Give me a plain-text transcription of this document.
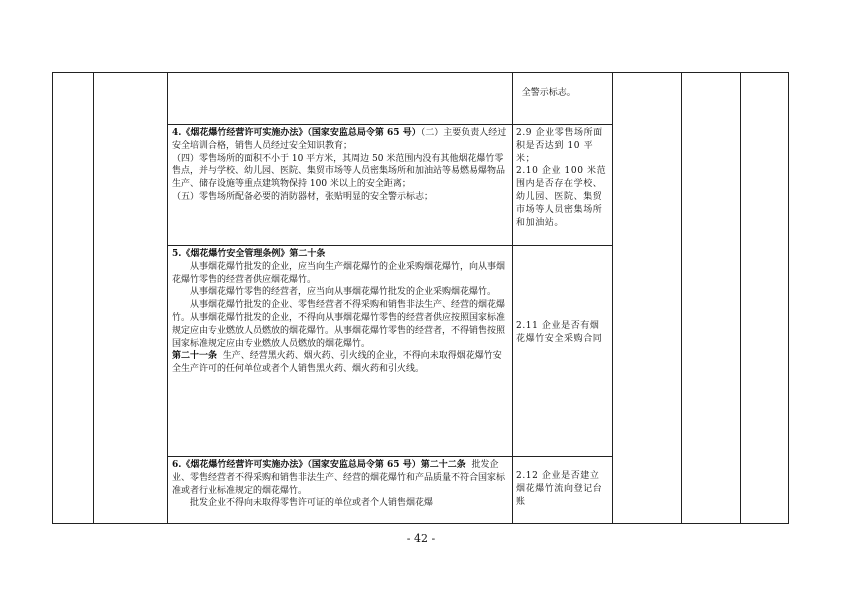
全警示标志。

4.《烟花爆竹经营许可实施办法》（国家安监总局令第 65 号）（二）主要负责人经过安全培训合格，销售人员经过安全知识教育；

（四）零售场所的面积不小于 10 平方米，其周边 50 米范围内没有其他烟花爆竹零售点，并与学校、幼儿园、医院、集贸市场等人员密集场所和加油站等易燃易爆物品生产、储存设施等重点建筑物保持 100 米以上的安全距离；

（五）零售场所配备必要的消防器材，张贴明显的安全警示标志；

2.9 企业零售场所面积是否达到 10 平米；
2.10 企业 100 米范围内是否存在学校、幼儿园、医院、集贸市场等人员密集场所和加油站。

5.《烟花爆竹安全管理条例》第二十条

从事烟花爆竹批发的企业，应当向生产烟花爆竹的企业采购烟花爆竹，向从事烟花爆竹零售的经营者供应烟花爆竹。

从事烟花爆竹零售的经营者，应当向从事烟花爆竹批发的企业采购烟花爆竹。

从事烟花爆竹批发的企业、零售经营者不得采购和销售非法生产、经营的烟花爆竹。从事烟花爆竹批发的企业，不得向从事烟花爆竹零售的经营者供应按照国家标准规定应由专业燃放人员燃放的烟花爆竹。从事烟花爆竹零售的经营者，不得销售按照国家标准规定应由专业燃放人员燃放的烟花爆竹。

第二十一条 生产、经营黑火药、烟火药、引火线的企业，不得向未取得烟花爆竹安全生产许可的任何单位或者个人销售黑火药、烟火药和引火线。

2.11 企业是否有烟花爆竹安全采购合同

6.《烟花爆竹经营许可实施办法》（国家安监总局令第 65 号）第二十二条 批发企业、零售经营者不得采购和销售非法生产、经营的烟花爆竹和产品质量不符合国家标准或者行业标准规定的烟花爆竹。

批发企业不得向未取得零售许可证的单位或者个人销售烟花爆

2.12 企业是否建立烟花爆竹流向登记台账
- 42 -
